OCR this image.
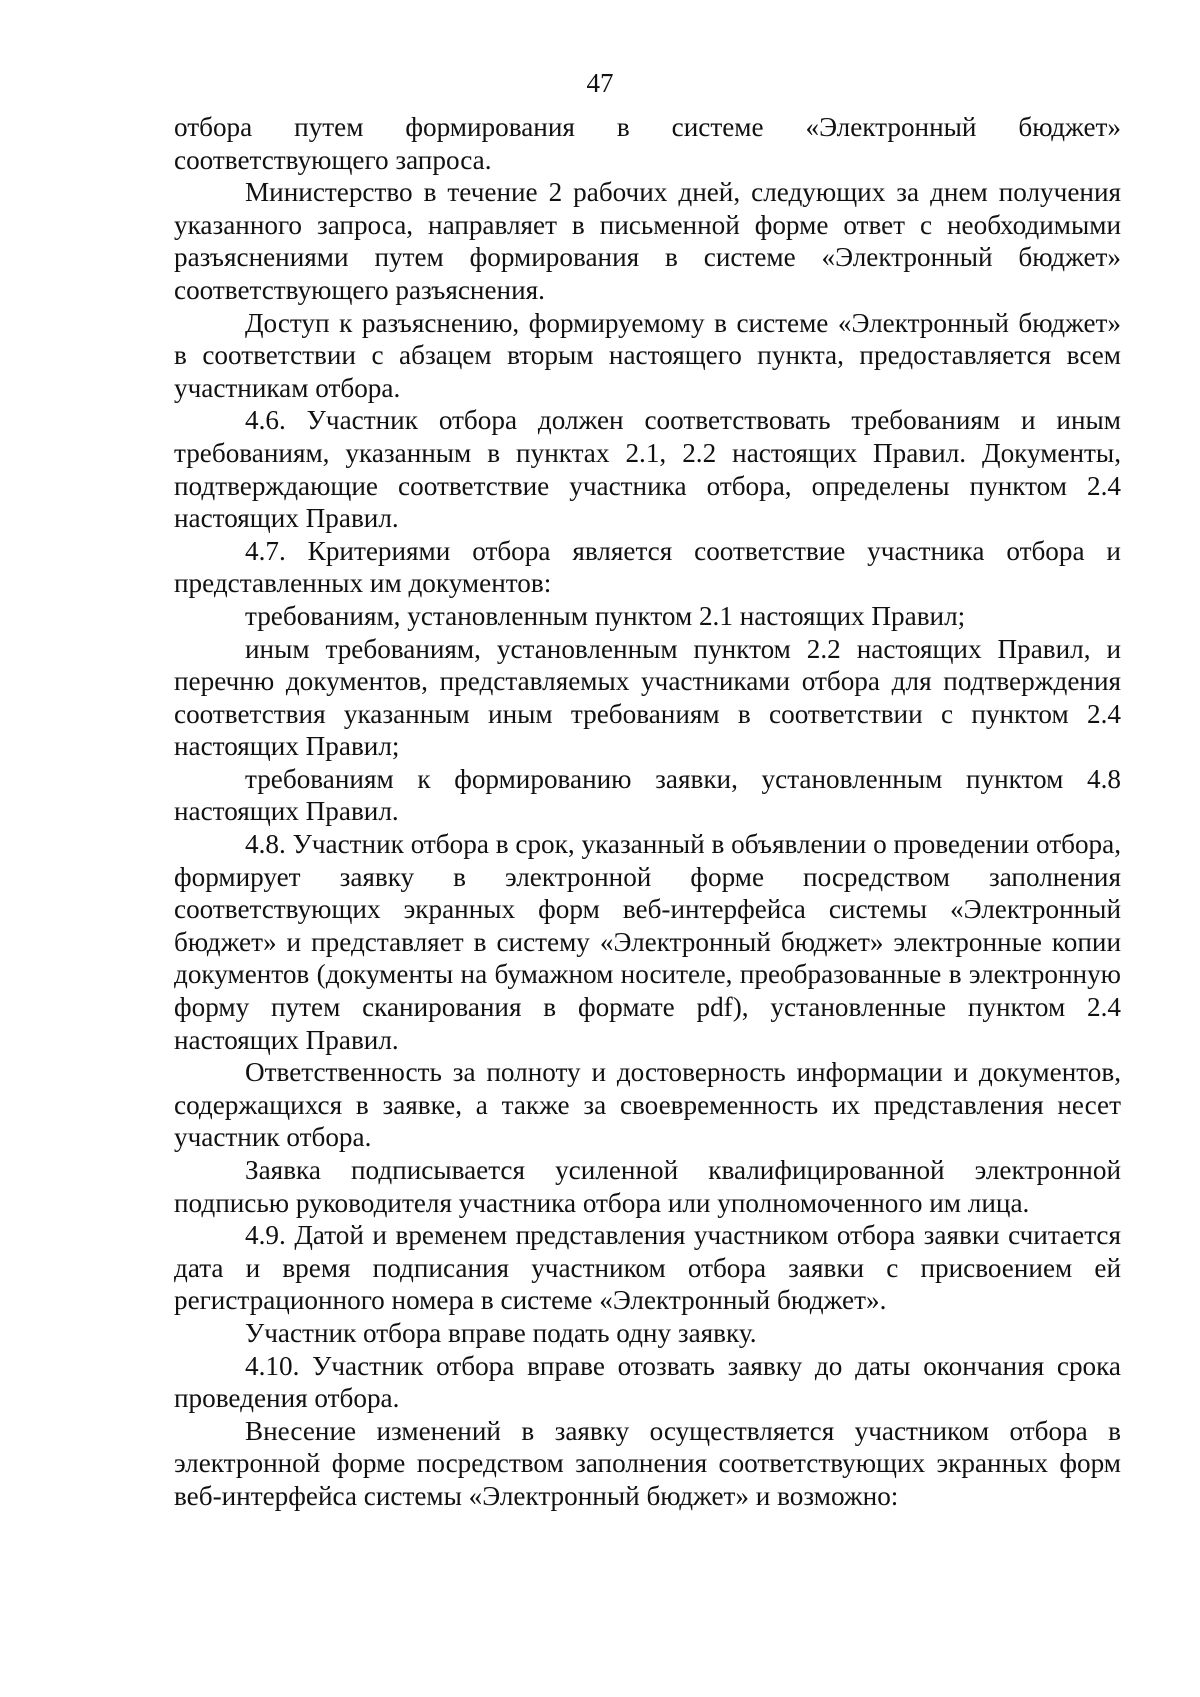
47

отбора путем формирования в системе «Электронный бюджет» соответствующего запроса.

Министерство в течение 2 рабочих дней, следующих за днем получения указанного запроса, направляет в письменной форме ответ с необходимыми разъяснениями путем формирования в системе «Электронный бюджет» соответствующего разъяснения.

Доступ к разъяснению, формируемому в системе «Электронный бюджет» в соответствии с абзацем вторым настоящего пункта, предоставляется всем участникам отбора.

4.6. Участник отбора должен соответствовать требованиям и иным требованиям, указанным в пунктах 2.1, 2.2 настоящих Правил. Документы, подтверждающие соответствие участника отбора, определены пунктом 2.4 настоящих Правил.

4.7. Критериями отбора является соответствие участника отбора и представленных им документов:

требованиям, установленным пунктом 2.1 настоящих Правил;

иным требованиям, установленным пунктом 2.2 настоящих Правил, и перечню документов, представляемых участниками отбора для подтверждения соответствия указанным иным требованиям в соответствии с пунктом 2.4 настоящих Правил;

требованиям к формированию заявки, установленным пунктом 4.8 настоящих Правил.

4.8. Участник отбора в срок, указанный в объявлении о проведении отбора, формирует заявку в электронной форме посредством заполнения соответствующих экранных форм веб-интерфейса системы «Электронный бюджет» и представляет в систему «Электронный бюджет» электронные копии документов (документы на бумажном носителе, преобразованные в электронную форму путем сканирования в формате pdf), установленные пунктом 2.4 настоящих Правил.

Ответственность за полноту и достоверность информации и документов, содержащихся в заявке, а также за своевременность их представления несет участник отбора.

Заявка подписывается усиленной квалифицированной электронной подписью руководителя участника отбора или уполномоченного им лица.

4.9. Датой и временем представления участником отбора заявки считается дата и время подписания участником отбора заявки с присвоением ей регистрационного номера в системе «Электронный бюджет».

Участник отбора вправе подать одну заявку.

4.10. Участник отбора вправе отозвать заявку до даты окончания срока проведения отбора.

Внесение изменений в заявку осуществляется участником отбора в электронной форме посредством заполнения соответствующих экранных форм веб-интерфейса системы «Электронный бюджет» и возможно:
